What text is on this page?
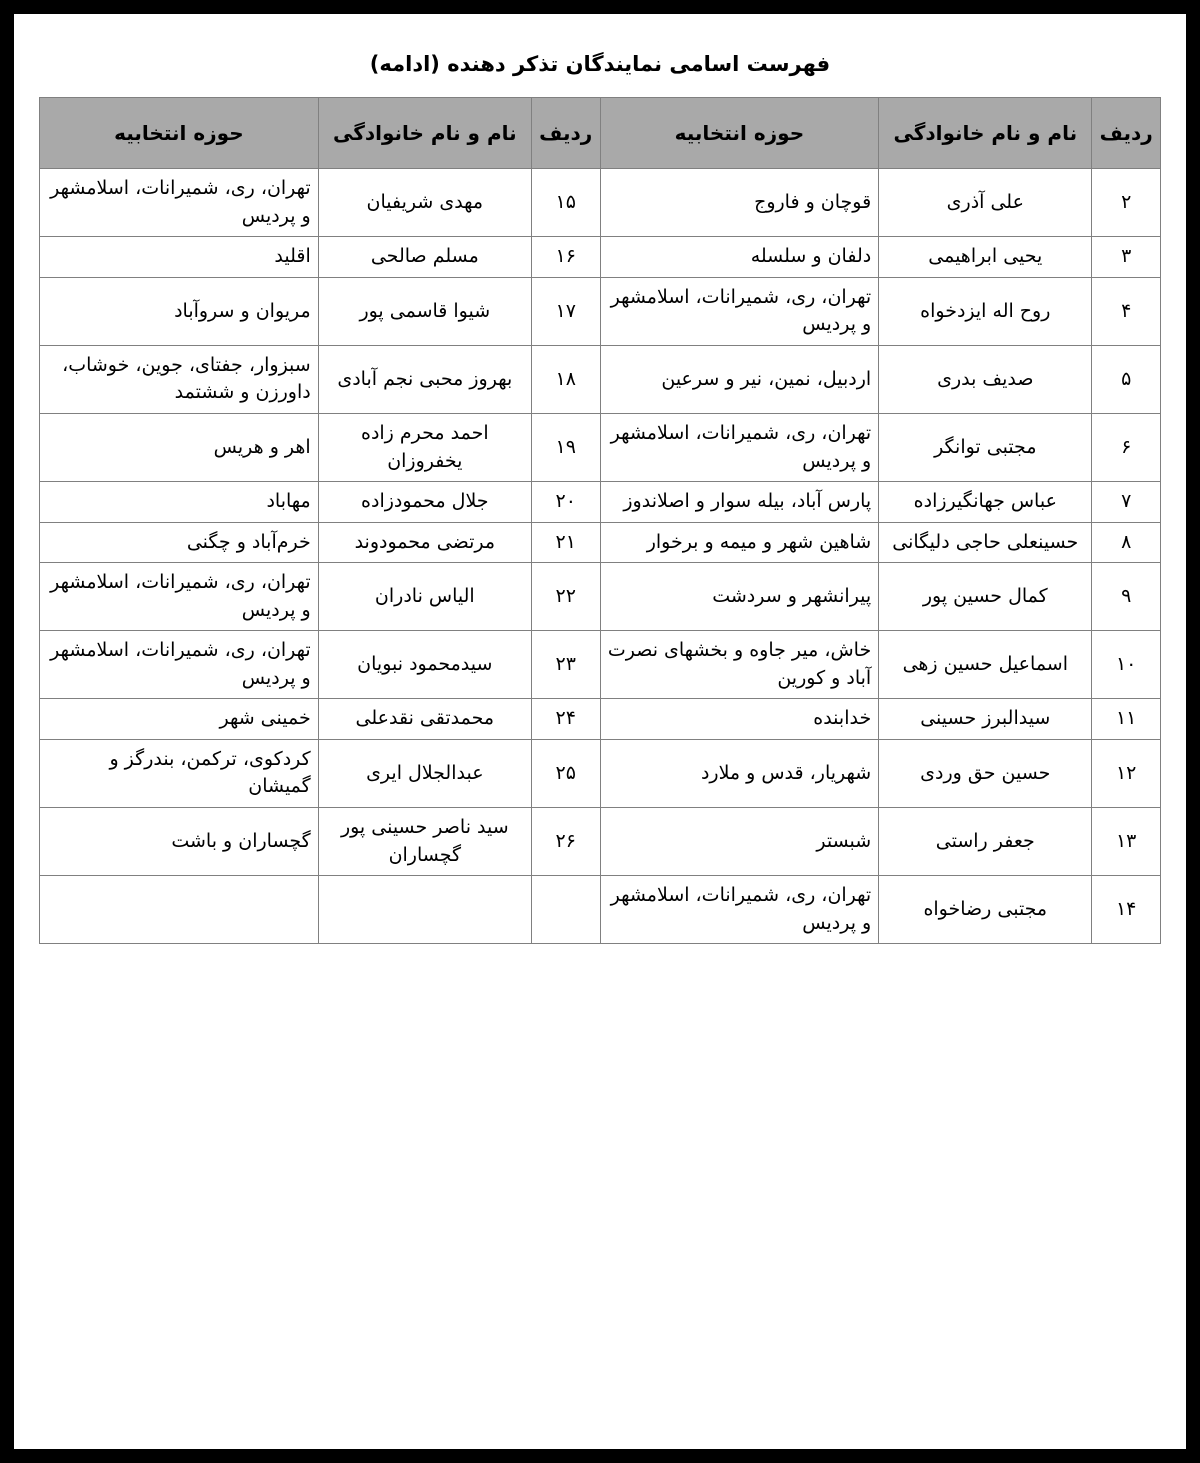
فهرست اسامی نمایندگان تذکر دهنده (ادامه)
ردیف	نام و نام خانوادگی	حوزه انتخابیه	ردیف	نام و نام خانوادگی	حوزه انتخابیه
۲	علی آذری	قوچان و فاروج	۱۵	مهدی شریفیان	تهران، ری، شمیرانات، اسلامشهر و پردیس
۳	یحیی ابراهیمی	دلفان و سلسله	۱۶	مسلم صالحی	اقلید
۴	روح اله ایزدخواه	تهران، ری، شمیرانات، اسلامشهر و پردیس	۱۷	شیوا قاسمی پور	مریوان و سروآباد
۵	صدیف بدری	اردبیل، نمین، نیر و سرعین	۱۸	بهروز محبی نجم آبادی	سبزوار، جفتای، جوین، خوشاب، داورزن و ششتمد
۶	مجتبی توانگر	تهران، ری، شمیرانات، اسلامشهر و پردیس	۱۹	احمد محرم زاده یخفروزان	اهر و هریس
۷	عباس جهانگیرزاده	پارس آباد، بیله سوار و اصلاندوز	۲۰	جلال محمودزاده	مهاباد
۸	حسینعلی حاجی دلیگانی	شاهین شهر و میمه و برخوار	۲۱	مرتضی محمودوند	خرم‌آباد و چگنی
۹	کمال حسین پور	پیرانشهر و سردشت	۲۲	الیاس نادران	تهران، ری، شمیرانات، اسلامشهر و پردیس
۱۰	اسماعیل حسین زهی	خاش، میر جاوه و بخشهای نصرت آباد و کورین	۲۳	سیدمحمود نبویان	تهران، ری، شمیرانات، اسلامشهر و پردیس
۱۱	سیدالبرز حسینی	خدابنده	۲۴	محمدتقی نقدعلی	خمینی شهر
۱۲	حسین حق وردی	شهریار، قدس و ملارد	۲۵	عبدالجلال ایری	کردکوی، ترکمن، بندرگز و گمیشان
۱۳	جعفر راستی	شبستر	۲۶	سید ناصر حسینی پور گچساران	گچساران و باشت
۱۴	مجتبی رضاخواه	تهران، ری، شمیرانات، اسلامشهر و پردیس			
